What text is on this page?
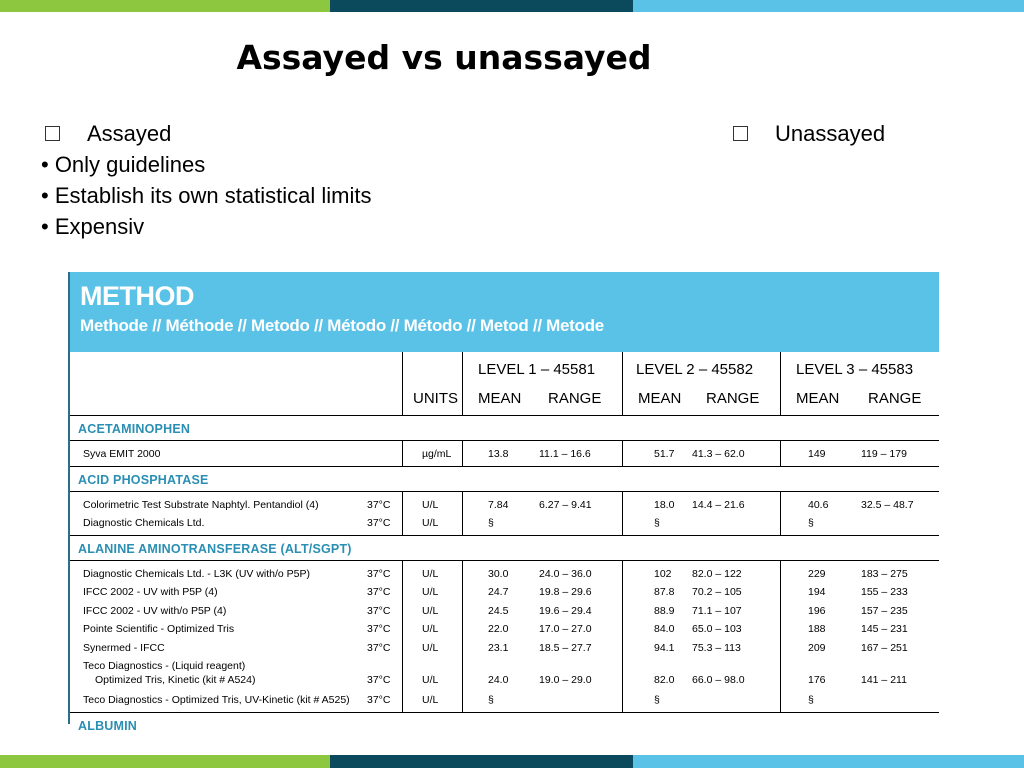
Assayed vs unassayed
Assayed
• Only guidelines
• Establish its own statistical limits
• Expensiv
Unassayed
METHOD
Methode // Méthode // Metodo // Método // Método // Metod // Metode
UNITS
LEVEL 1 – 45581	LEVEL 2 – 45582	LEVEL 3 – 45583
MEAN RANGE MEAN RANGE MEAN RANGE
ACETAMINOPHEN
Syva EMIT 2000	µg/mL	13.8	11.1 – 16.6	51.7 41.3 – 62.0	149	119 – 179
ACID PHOSPHATASE
Colorimetric Test Substrate Naphtyl. Pentandiol (4)	37°C	U/L	7.84	6.27 – 9.41	18.0 14.4 – 21.6	40.6	32.5 – 48.7
Diagnostic Chemicals Ltd.	37°C	U/L	§	§	§
ALANINE AMINOTRANSFERASE (ALT/SGPT)
Diagnostic Chemicals Ltd. - L3K (UV with/o P5P)	37°C	U/L	30.0	24.0 – 36.0	102 82.0 – 122	229	183 – 275
IFCC 2002 - UV with P5P (4)	37°C	U/L	24.7	19.8 – 29.6	87.8 70.2 – 105	194	155 – 233
IFCC 2002 - UV with/o P5P (4)	37°C	U/L	24.5	19.6 – 29.4	88.9 71.1 – 107	196	157 – 235
Pointe Scientific - Optimized Tris	37°C	U/L	22.0	17.0 – 27.0	84.0 65.0 – 103	188	145 – 231
Synermed - IFCC	37°C	U/L	23.1	18.5 – 27.7	94.1 75.3 – 113	209	167 – 251
Teco Diagnostics - (Liquid reagent)
Optimized Tris, Kinetic (kit # A524)	37°C	U/L	24.0	19.0 – 29.0	82.0 66.0 – 98.0	176	141 – 211
Teco Diagnostics - Optimized Tris, UV-Kinetic (kit # A525) 37°C	U/L	§	§	§
ALBUMIN
